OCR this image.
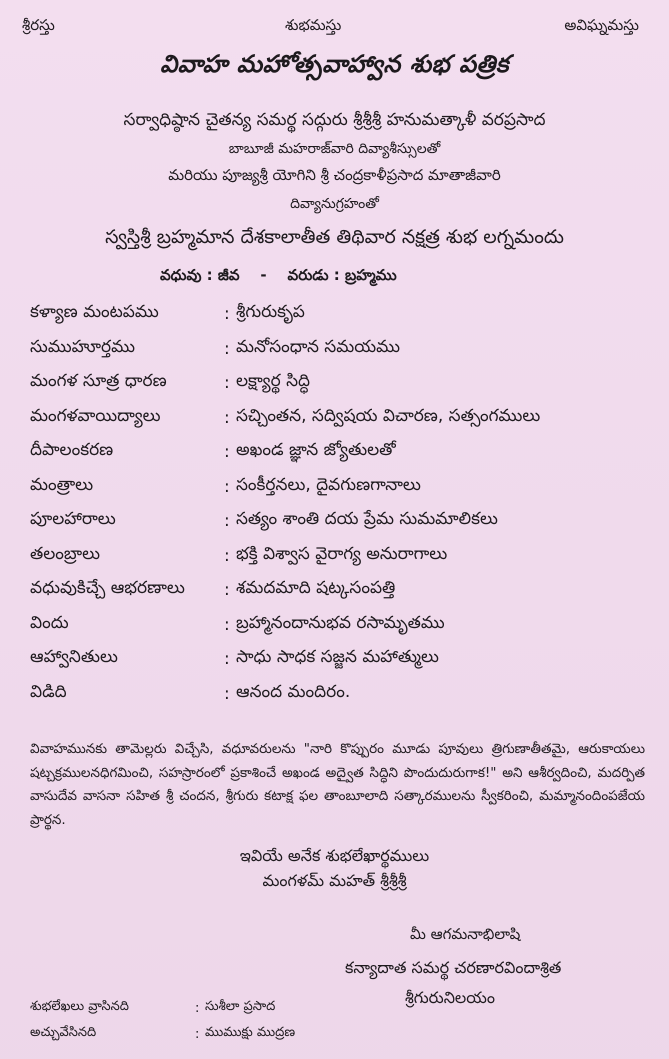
శ్రీరస్తు	శుభమస్తు	అవిఘ్నమస్తు
వివాహ మహోత్సవాహ్వాన శుభ పత్రిక
సర్వాధిష్ఠాన చైతన్య సమర్థ సద్గురు శ్రీశ్రీశ్రీ హనుమత్కాళీ వరప్రసాద
బాబూజీ మహరాజ్‌వారి దివ్యాశీస్సులతో
మరియు పూజ్యశ్రీ యోగిని శ్రీ చంద్రకాళీప్రసాద మాతాజీవారి
దివ్యానుగ్రహంతో
స్వస్తిశ్రీ బ్రహ్మమాన దేశకాలాతీత తిథివార నక్షత్ర శుభ లగ్నమందు
వధువు : జీవ - వరుడు : బ్రహ్మము
కళ్యాణ మంటపము	: శ్రీగురుకృప
సుముహూర్తము	: మనోసంధాన సమయము
మంగళ సూత్ర ధారణ	: లక్ష్యార్థ సిద్ధి
మంగళవాయిద్యాలు	: సచ్చింతన, సద్విషయ విచారణ, సత్సంగములు
దీపాలంకరణ	: అఖండ జ్ఞాన జ్యోతులతో
మంత్రాలు	: సంకీర్తనలు, దైవగుణగానాలు
పూలహారాలు	: సత్యం శాంతి దయ ప్రేమ సుమమాలికలు
తలంబ్రాలు	: భక్తి విశ్వాస వైరాగ్య అనురాగాలు
వధువుకిచ్చే ఆభరణాలు	: శమదమాది షట్కసంపత్తి
విందు	: బ్రహ్మానందానుభవ రసామృతము
ఆహ్వానితులు	: సాధు సాధక సజ్జన మహాత్ములు
విడిది	: ఆనంద మందిరం.
వివాహమునకు తామెల్లరు విచ్చేసి, వధూవరులను "నారి కొప్పురం మూడు పూవులు త్రిగుణాతీతమై, ఆరుకాయలు షట్చక్రములనధిగమించి, సహస్రారంలో ప్రకాశించే అఖండ అద్వైత సిద్ధిని పొందుదురుగాక!" అని ఆశీర్వదించి, మదర్పిత వాసుదేవ వాసనా సహిత శ్రీ చందన, శ్రీగురు కటాక్ష ఫల తాంబూలాది సత్కారములను స్వీకరించి, మమ్మానందింపజేయ ప్రార్థన.
ఇవియే అనేక శుభలేఖార్థములు
మంగళమ్ మహత్ శ్రీశ్రీశ్రీ
మీ ఆగమనాభిలాషి
కన్యాదాత సమర్థ చరణారవిందాశ్రిత
శ్రీగురునిలయం
శుభలేఖలు వ్రాసినది	: సుశీలా ప్రసాద
అచ్చువేసినది	: ముముక్షు ముద్రణ
